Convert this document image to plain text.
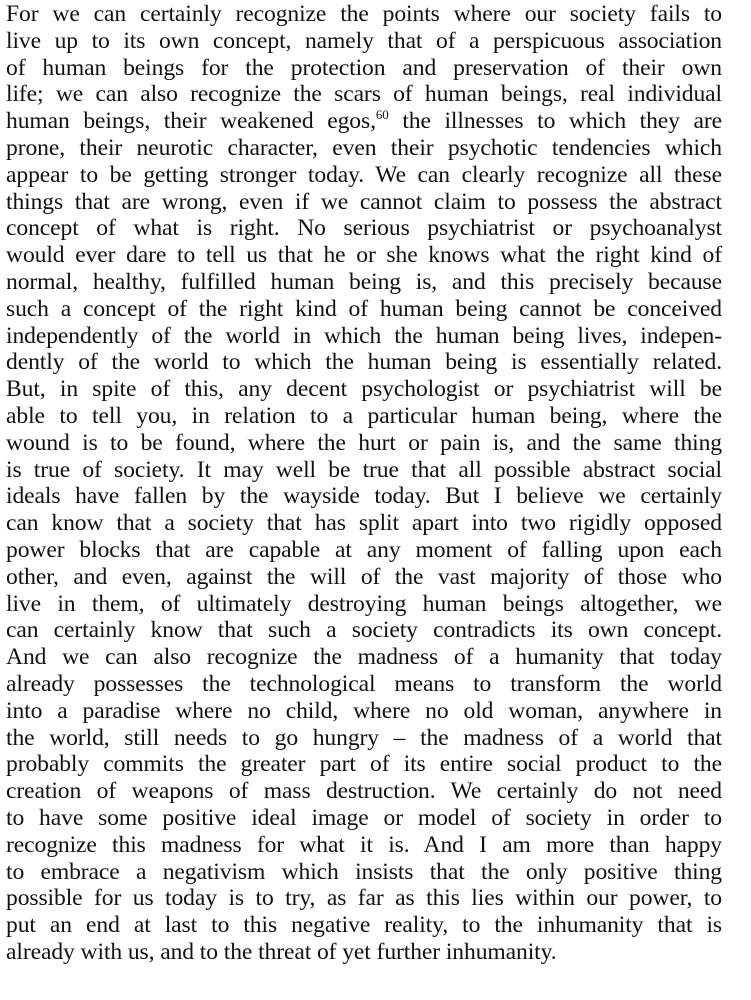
For we can certainly recognize the points where our society fails to
live up to its own concept, namely that of a perspicuous association
of human beings for the protection and preservation of their own
life; we can also recognize the scars of human beings, real individual
human beings, their weakened egos,$^{60}$ the illnesses to which they are
prone, their neurotic character, even their psychotic tendencies which
appear to be getting stronger today. We can clearly recognize all these
things that are wrong, even if we cannot claim to possess the abstract
concept of what is right. No serious psychiatrist or psychoanalyst
would ever dare to tell us that he or she knows what the right kind of
normal, healthy, fulfilled human being is, and this precisely because
such a concept of the right kind of human being cannot be conceived
independently of the world in which the human being lives, indepen-
dently of the world to which the human being is essentially related.
But, in spite of this, any decent psychologist or psychiatrist will be
able to tell you, in relation to a particular human being, where the
wound is to be found, where the hurt or pain is, and the same thing
is true of society. It may well be true that all possible abstract social
ideals have fallen by the wayside today. But I believe we certainly
can know that a society that has split apart into two rigidly opposed
power blocks that are capable at any moment of falling upon each
other, and even, against the will of the vast majority of those who
live in them, of ultimately destroying human beings altogether, we
can certainly know that such a society contradicts its own concept.
And we can also recognize the madness of a humanity that today
already possesses the technological means to transform the world
into a paradise where no child, where no old woman, anywhere in
the world, still needs to go hungry – the madness of a world that
probably commits the greater part of its entire social product to the
creation of weapons of mass destruction. We certainly do not need
to have some positive ideal image or model of society in order to
recognize this madness for what it is. And I am more than happy
to embrace a negativism which insists that the only positive thing
possible for us today is to try, as far as this lies within our power, to
put an end at last to this negative reality, to the inhumanity that is
already with us, and to the threat of yet further inhumanity.
